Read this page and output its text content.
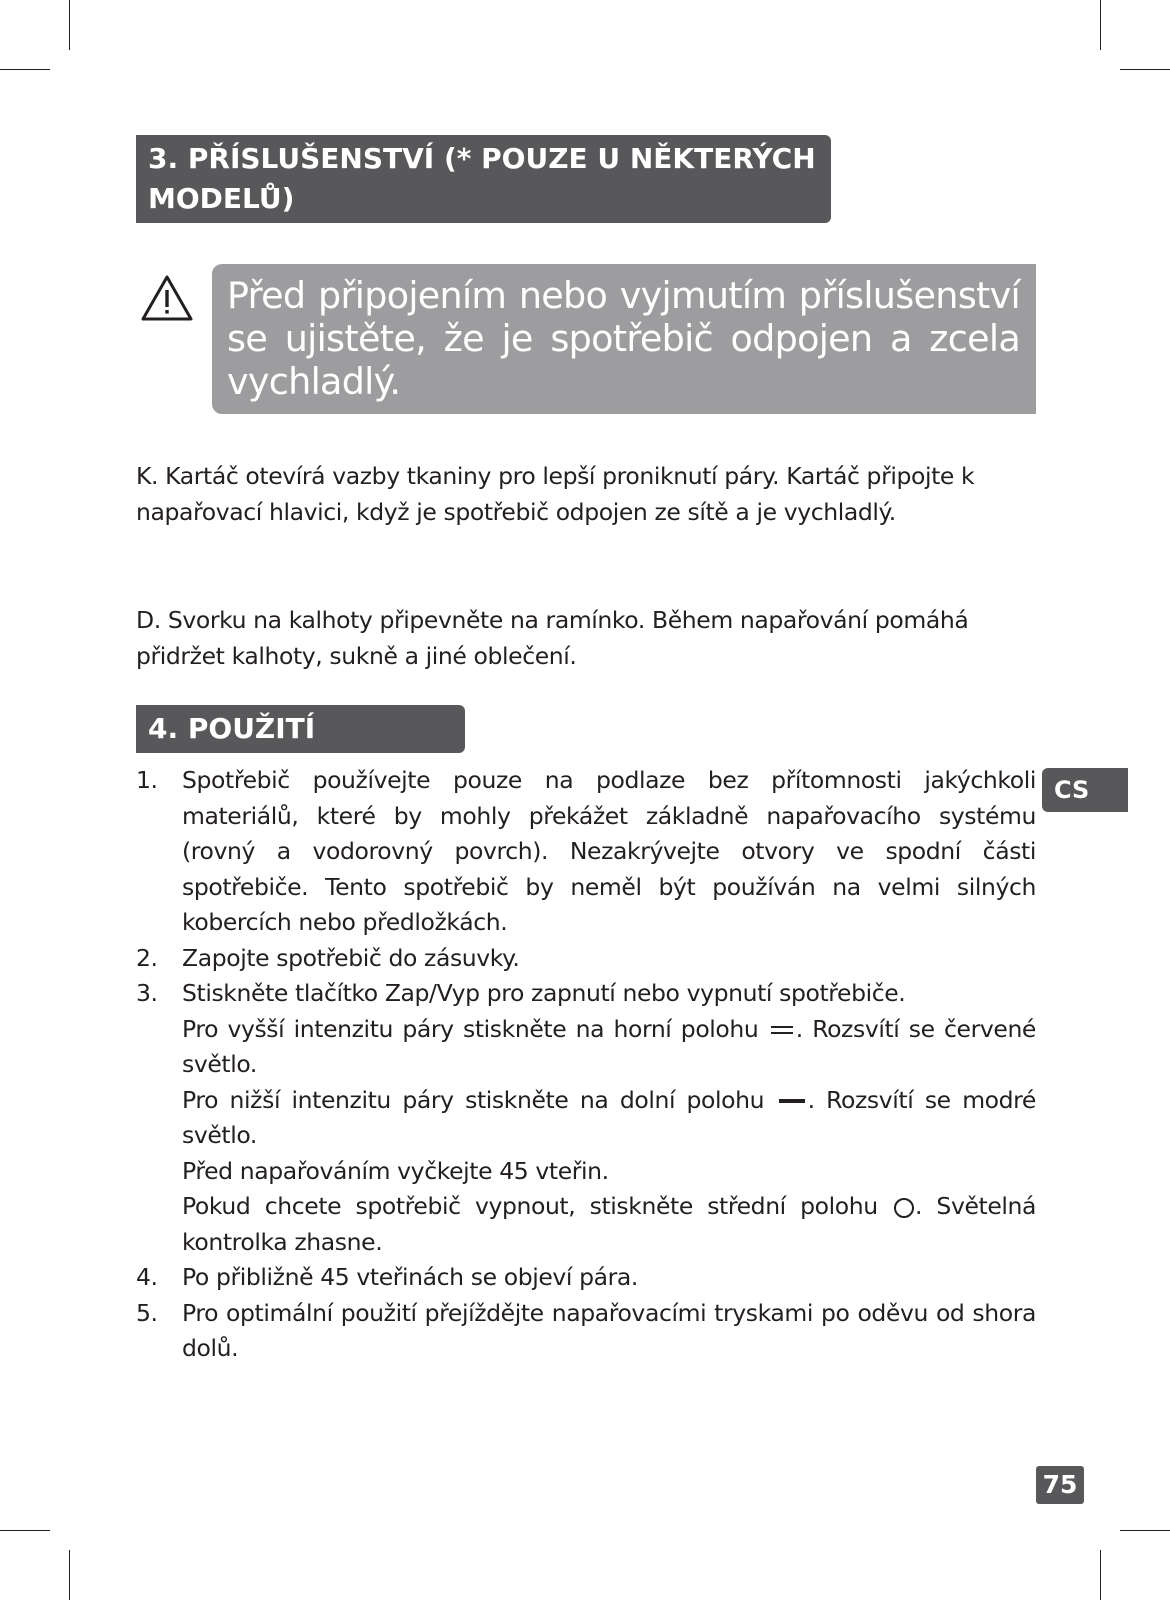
3. PŘÍSLUŠENSTVÍ (* POUZE U NĚKTERÝCH
MODELŮ)
Před připojením nebo vyjmutím příslušenství se ujistěte, že je spotřebič odpojen a zcela vychladlý.
K. Kartáč otevírá vazby tkaniny pro lepší proniknutí páry. Kartáč připojte k napařovací hlavici, když je spotřebič odpojen ze sítě a je vychladlý.
D. Svorku na kalhoty připevněte na ramínko. Během napařování pomáhá přidržet kalhoty, sukně a jiné oblečení.
4. POUŽITÍ
1. Spotřebič používejte pouze na podlaze bez přítomnosti jakýchkoli materiálů, které by mohly překážet základně napařovacího systému (rovný a vodorovný povrch). Nezakrývejte otvory ve spodní části spotřebiče. Tento spotřebič by neměl být používán na velmi silných kobercích nebo předložkách.
2. Zapojte spotřebič do zásuvky.
3. Stiskněte tlačítko Zap/Vyp pro zapnutí nebo vypnutí spotřebiče.
Pro vyšší intenzitu páry stiskněte na horní polohu . Rozsvítí se červené světlo.
Pro nižší intenzitu páry stiskněte na dolní polohu . Rozsvítí se modré světlo.
Před napařováním vyčkejte 45 vteřin.
Pokud chcete spotřebič vypnout, stiskněte střední polohu . Světelná kontrolka zhasne.
4. Po přibližně 45 vteřinách se objeví pára.
5. Pro optimální použití přejíždějte napařovacími tryskami po oděvu od shora dolů.
CS
75
